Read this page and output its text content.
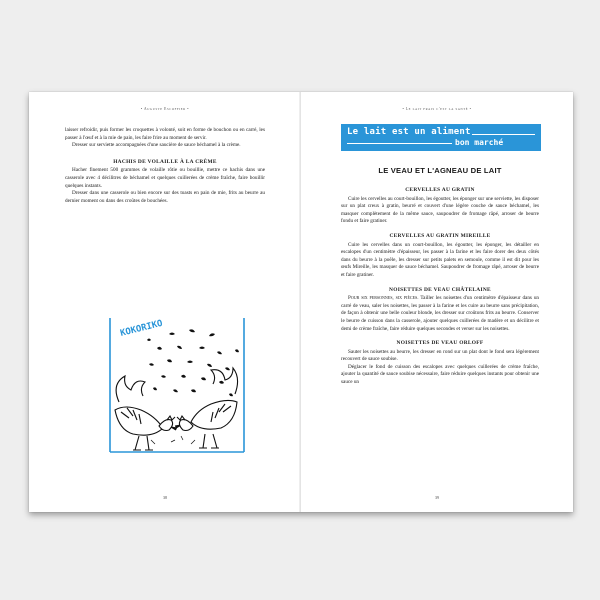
• Auguste Escoffier •

laisser refroidir, puis former les croquettes à volonté, soit en forme de bouchon ou en carré, les passer à l'œuf et à la mie de pain, les faire frire au moment de servir.

Dresser sur serviette accompagnées d'une saucière de sauce béchamel à la crème.

HACHIS DE VOLAILLE À LA CRÈME

Hacher finement 500 grammes de volaille rôtie ou bouillie, mettre ce hachis dans une casserole avec 4 décilitres de béchamel et quelques cuillerées de crème fraîche, faire bouillir quelques instants.

Dresser dans une casserole ou bien encore sur des toasts en pain de mie, frits au beurre au dernier moment ou dans des croûtes de bouchées.

KOKORIKO
38
• Le lait frais c'est la santé •
Le lait est un aliment
bon marché
LE VEAU ET L'AGNEAU DE LAIT
CERVELLES AU GRATIN

Cuire les cervelles au court-bouillon, les égoutter, les éponger sur une serviette, les disposer sur un plat creux à gratin, beurré et couvert d'une légère couche de sauce béchamel, les masquer complètement de la même sauce, saupoudrer de fromage râpé, arroser de beurre fondu et faire gratiner.

CERVELLES AU GRATIN MIREILLE

Cuire les cervelles dans un court-bouillon, les égoutter, les éponger, les détailler en escalopes d'un centimètre d'épaisseur, les passer à la farine et les faire dorer des deux côtés dans du beurre à la poêle, les dresser sur petits palets en semoule, comme il est dit pour les œufs Mireille, les masquer de sauce béchamel. Saupoudrer de fromage râpé, arroser de beurre et faire gratiner.

NOISETTES DE VEAU CHÂTELAINE

Pour six personnes, six pièces. Tailler les noisettes d'un centimètre d'épaisseur dans un carré de veau, saler les noisettes, les passer à la farine et les cuire au beurre sans précipitation, de façon à obtenir une belle couleur blonde, les dresser sur croûtons frits au beurre. Conserver le beurre de cuisson dans la casserole, ajouter quelques cuillerées de madère et un décilitre et demi de crème fraîche, faire réduire quelques secondes et verser sur les noisettes.

NOISETTES DE VEAU ORLOFF

Sauter les noisettes au beurre, les dresser en rond sur un plat dont le fond sera légèrement recouvert de sauce soubise.

Déglacer le fond de cuisson des escalopes avec quelques cuillerées de crème fraîche, ajouter la quantité de sauce soubise nécessaire, faire réduire quelques instants pour obtenir une sauce un

39
